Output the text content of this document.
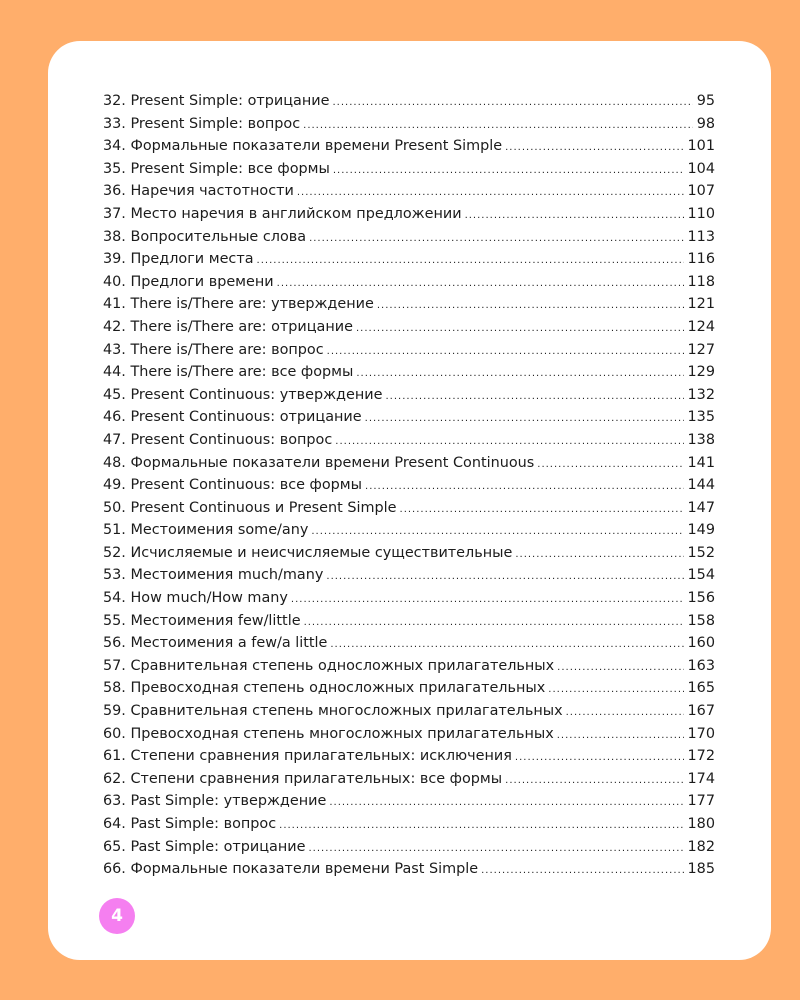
32. Present Simple: отрицание .....	95
33. Present Simple: вопрос .....	98
34. Формальные показатели времени Present Simple .....	101
35. Present Simple: все формы .....	104
36. Наречия частотности .....	107
37. Место наречия в английском предложении .....	110
38. Вопросительные слова .....	113
39. Предлоги места .....	116
40. Предлоги времени .....	118
41. There is/There are: утверждение .....	121
42. There is/There are: отрицание .....	124
43. There is/There are: вопрос .....	127
44. There is/There are: все формы .....	129
45. Present Continuous: утверждение .....	132
46. Present Continuous: отрицание .....	135
47. Present Continuous: вопрос .....	138
48. Формальные показатели времени Present Continuous .....	141
49. Present Continuous: все формы .....	144
50. Present Continuous и Present Simple .....	147
51. Местоимения some/any .....	149
52. Исчисляемые и неисчисляемые существительные .....	152
53. Местоимения much/many .....	154
54. How much/How many .....	156
55. Местоимения few/little .....	158
56. Местоимения a few/a little .....	160
57. Сравнительная степень односложных прилагательных .....	163
58. Превосходная степень односложных прилагательных .....	165
59. Сравнительная степень многосложных прилагательных .....	167
60. Превосходная степень многосложных прилагательных .....	170
61. Степени сравнения прилагательных: исключения .....	172
62. Степени сравнения прилагательных: все формы .....	174
63. Past Simple: утверждение .....	177
64. Past Simple: вопрос .....	180
65. Past Simple: отрицание .....	182
66. Формальные показатели времени Past Simple .....	185
4
